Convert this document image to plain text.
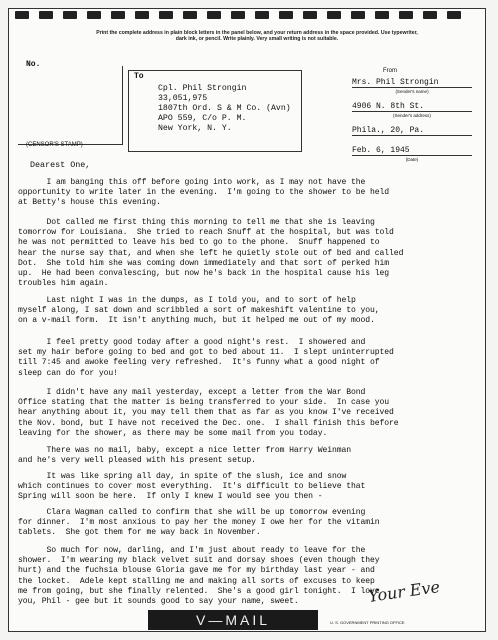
Print the complete address in plain block letters in the panel below, and your return address in the space provided. Use typewriter, dark ink, or pencil. Write plainly. Very small writing is not suitable.
No.
(CENSOR'S STAMP)
To
Cpl. Phil Strongin
33,051,975
1807th Ord. S & M Co. (Avn)
APO 559, C/o P. M.
New York, N. Y.
From
Mrs. Phil Strongin
(Sender's name)
4906 N. 8th St.
(Sender's address)
Phila., 20, Pa.
Feb. 6, 1945
(Date)
Dearest One,
I am banging this off before going into work, as I may not have the
opportunity to write later in the evening.  I'm going to the shower to be held
at Betty's house this evening.
Dot called me first thing this morning to tell me that she is leaving
tomorrow for Louisiana.  She tried to reach Snuff at the hospital, but was told
he was not permitted to leave his bed to go to the phone.  Snuff happened to
hear the nurse say that, and when she left he quietly stole out of bed and called
Dot.  She told him she was coming down immediately and that sort of perked him
up.  He had been convalescing, but now he's back in the hospital cause his leg
troubles him again.
Last night I was in the dumps, as I told you, and to sort of help
myself along, I sat down and scribbled a sort of makeshift valentine to you,
on a v-mail form.  It isn't anything much, but it helped me out of my mood.
I feel pretty good today after a good night's rest.  I showered and
set my hair before going to bed and got to bed about 11.  I slept uninterrupted
till 7:45 and awoke feeling very refreshed.  It's funny what a good night of
sleep can do for you!
I didn't have any mail yesterday, except a letter from the War Bond
Office stating that the matter is being transferred to your side.  In case you
hear anything about it, you may tell them that as far as you know I've received
the Nov. bond, but I have not received the Dec. one.  I shall finish this before
leaving for the shower, as there may be some mail from you today.
There was no mail, baby, except a nice letter from Harry Weinman
and he's very well pleased with his present setup.
It was like spring all day, in spite of the slush, ice and snow
which continues to cover most everything.  It's difficult to believe that
Spring will soon be here.  If only I knew I would see you then -
Clara Wagman called to confirm that she will be up tomorrow evening
for dinner.  I'm most anxious to pay her the money I owe her for the vitamin
tablets.  She got them for me way back in November.
So much for now, darling, and I'm just about ready to leave for the
shower.  I'm wearing my black velvet suit and dorsay shoes (even though they
hurt) and the fuchsia blouse Gloria gave me for my birthday last year - and
the locket.  Adele kept stalling me and making all sorts of excuses to keep
me from going, but she finally relented.  She's a good girl tonight.  I love
you, Phil - gee but it sounds good to say your name, sweet.	Your Eve
V—MAIL	U. S. GOVERNMENT PRINTING OFFICE
